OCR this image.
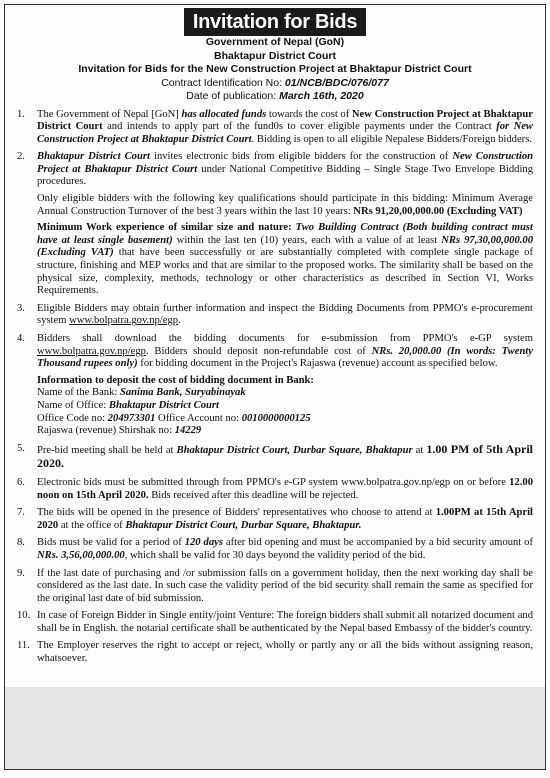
Invitation for Bids
Government of Nepal (GoN)
Bhaktapur District Court
Invitation for Bids for the New Construction Project at Bhaktapur District Court
Contract Identification No: 01/NCB/BDC/076/077
Date of publication: March 16th, 2020
1.	The Government of Nepal [GoN] has allocated funds towards the cost of New Construction Project at Bhaktapur District Court and intends to apply part of the fund0s to cover eligible payments under the Contract for New Construction Project at Bhaktapur District Court. Bidding is open to all eligible Nepalese Bidders/Foreign bidders.
2.	Bhaktapur District Court invites electronic bids from eligible bidders for the construction of New Construction Project at Bhaktapur District Court under National Competitive Bidding – Single Stage Two Envelope Bidding procedures.
Only eligible bidders with the following key qualifications should participate in this bidding: Minimum Average Annual Construction Turnover of the best 3 years within the last 10 years: NRs 91,20,00,000.00 (Excluding VAT)
Minimum Work experience of similar size and nature: Two Building Contract (Both building contract must have at least single basement) within the last ten (10) years, each with a value of at least NRs 97,30,00,000.00 (Excluding VAT) that have been successfully or are substantially completed with complete single package of structure, finishing and MEP works and that are similar to the proposed works. The similarity shall be based on the physical size, complexity, methods, technology or other characteristics as described in Section VI, Works Requirements.
3.	Eligible Bidders may obtain further information and inspect the Bidding Documents from PPMO's e-procurement system www.bolpatra.gov.np/egp.
4.	Bidders shall download the bidding documents for e-submission from PPMO's e-GP system www.bolpatra.gov.np/egp. Bidders should deposit non-refundable cost of NRs. 20,000.00 (In words: Twenty Thousand rupees only) for bidding document in the Project's Rajaswa (revenue) account as specified below.
Information to deposit the cost of bidding document in Bank:
Name of the Bank: Sanima Bank, Suryabinayak
Name of Office: Bhaktapur District Court
Office Code no: 204973301 Office Account no: 0010000000125
Rajaswa (revenue) Shirshak no: 14229
5.	Pre-bid meeting shall be held at Bhaktapur District Court, Durbar Square, Bhaktapur at 1.00 PM of 5th April 2020.
6.	Electronic bids must be submitted through from PPMO's e-GP system www.bolpatra.gov.np/egp on or before 12.00 noon on 15th April 2020. Bids received after this deadline will be rejected.
7.	The bids will be opened in the presence of Bidders' representatives who choose to attend at 1.00PM at 15th April 2020 at the office of Bhaktapur District Court, Durbar Square, Bhaktapur.
8.	Bids must be valid for a period of 120 days after bid opening and must be accompanied by a bid security amount of NRs. 3,56,00,000.00, which shall be valid for 30 days beyond the validity period of the bid.
9.	If the last date of purchasing and /or submission falls on a government holiday, then the next working day shall be considered as the last date. In such case the validity period of the bid security shall remain the same as specified for the original last date of bid submission.
10. In case of Foreign Bidder in Single entity/joint Venture: The foreign bidders shall submit all notarized document and shall be in English. the notarial certificate shall be authenticated by the Nepal based Embassy of the bidder's country.
11. The Employer reserves the right to accept or reject, wholly or partly any or all the bids without assigning reason, whatsoever.
